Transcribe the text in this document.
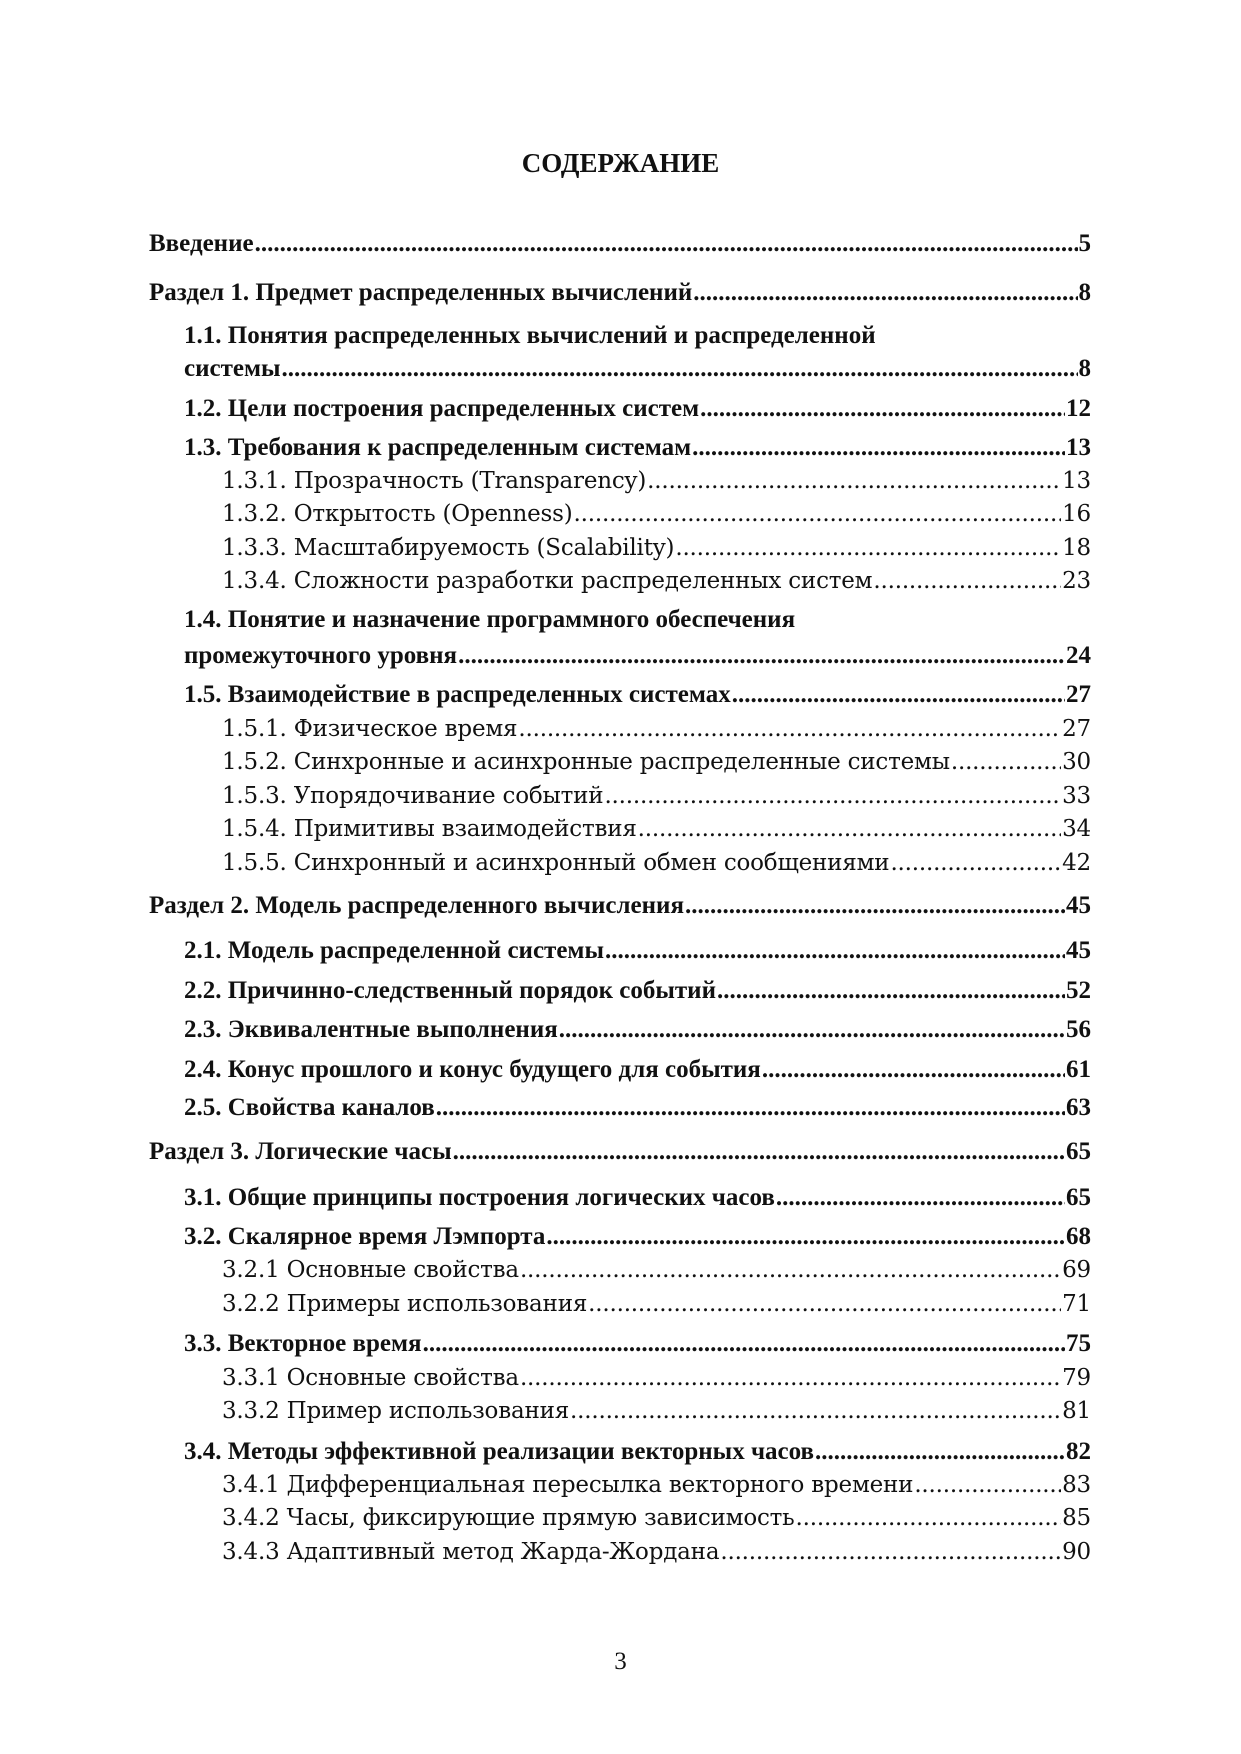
СОДЕРЖАНИЕ
Введение .....	5
Раздел 1. Предмет распределенных вычислений .....	8
1.1. Понятия распределенных вычислений и распределенной
системы .....	8
1.2. Цели построения распределенных систем .....	12
1.3. Требования к распределенным системам .....	13
1.3.1. Прозрачность (Transparency) .....	13
1.3.2. Открытость (Openness) .....	16
1.3.3. Масштабируемость (Scalability) .....	18
1.3.4. Сложности разработки распределенных систем .....	23
1.4. Понятие и назначение программного обеспечения
промежуточного уровня .....	24
1.5. Взаимодействие в распределенных системах .....	27
1.5.1. Физическое время .....	27
1.5.2. Синхронные и асинхронные распределенные системы .....	30
1.5.3. Упорядочивание событий .....	33
1.5.4. Примитивы взаимодействия .....	34
1.5.5. Синхронный и асинхронный обмен сообщениями .....	42
Раздел 2. Модель распределенного вычисления .....	45
2.1. Модель распределенной системы .....	45
2.2. Причинно-следственный порядок событий .....	52
2.3. Эквивалентные выполнения .....	56
2.4. Конус прошлого и конус будущего для события .....	61
2.5. Свойства каналов .....	63
Раздел 3. Логические часы .....	65
3.1. Общие принципы построения логических часов .....	65
3.2. Скалярное время Лэмпорта .....	68
3.2.1 Основные свойства .....	69
3.2.2 Примеры использования .....	71
3.3. Векторное время .....	75
3.3.1 Основные свойства .....	79
3.3.2 Пример использования .....	81
3.4. Методы эффективной реализации векторных часов .....	82
3.4.1 Дифференциальная пересылка векторного времени .....	83
3.4.2 Часы, фиксирующие прямую зависимость .....	85
3.4.3 Адаптивный метод Жарда-Жордана .....	90

3
